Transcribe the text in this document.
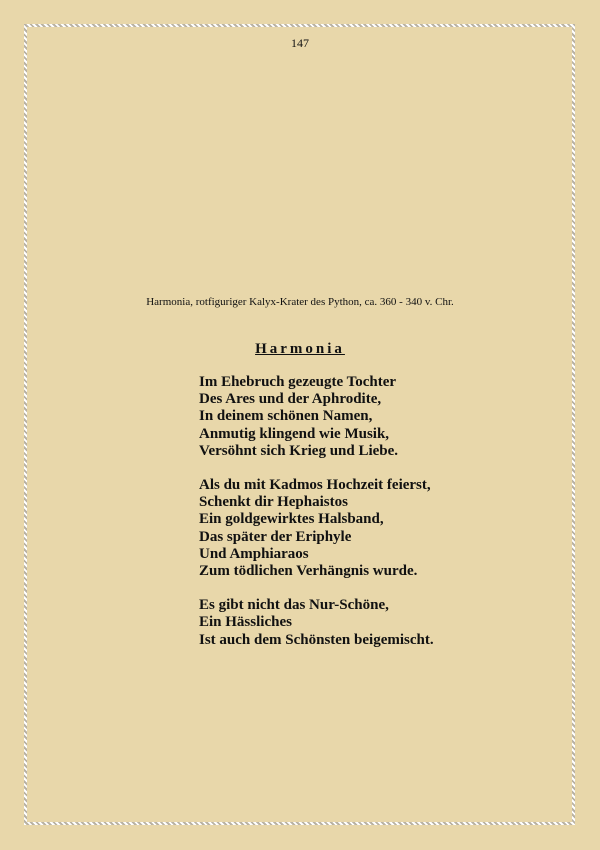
147
Harmonia, rotfiguriger Kalyx-Krater des Python, ca. 360 - 340 v. Chr.
Harmonia
Im Ehebruch gezeugte Tochter
Des Ares und der Aphrodite,
In deinem schönen Namen,
Anmutig klingend wie Musik,
Versöhnt sich Krieg und Liebe.
Als du mit Kadmos Hochzeit feierst,
Schenkt dir Hephaistos
Ein goldgewirktes Halsband,
Das später der Eriphyle
Und Amphiaraos
Zum tödlichen Verhängnis wurde.
Es gibt nicht das Nur-Schöne,
Ein Hässliches
Ist auch dem Schönsten beigemischt.
